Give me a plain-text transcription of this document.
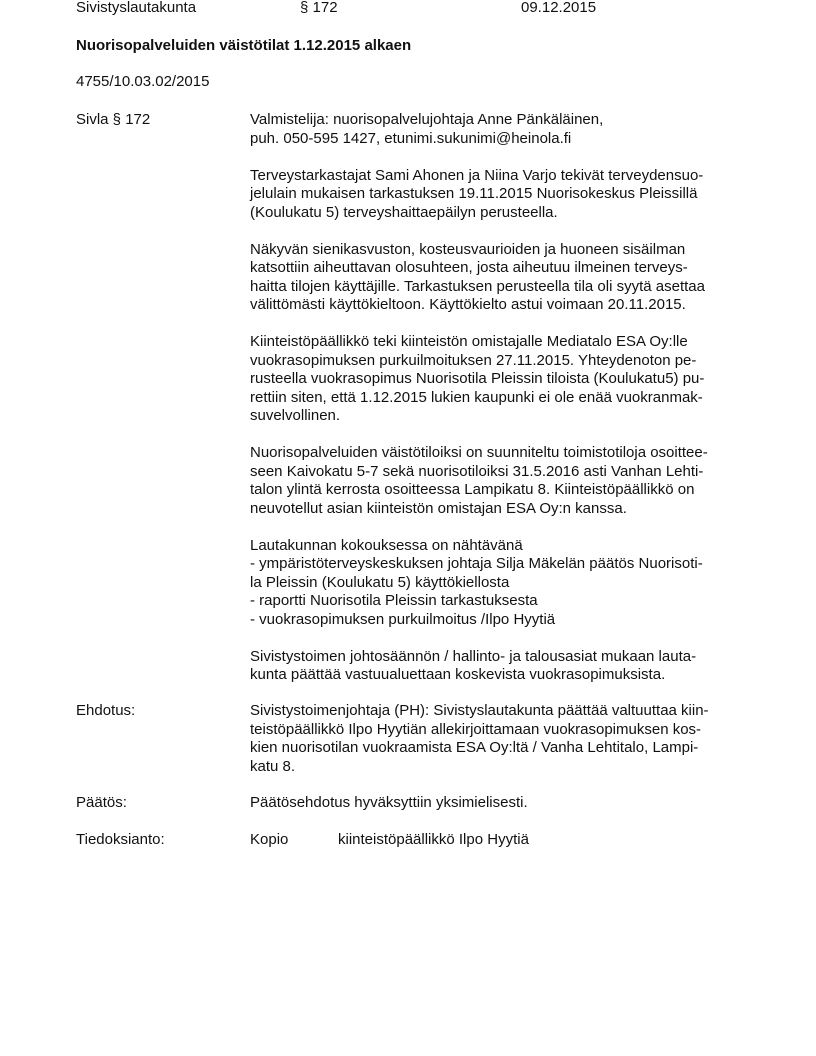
Sivistyslautakunta	§ 172	09.12.2015
Nuorisopalveluiden väistötilat 1.12.2015 alkaen
4755/10.03.02/2015
Sivla § 172	Valmistelija: nuorisopalvelujohtaja Anne Pänkäläinen,
puh. 050-595 1427, etunimi.sukunimi@heinola.fi
Terveystarkastajat Sami Ahonen ja Niina Varjo tekivät terveydensuo-
jelulain mukaisen tarkastuksen 19.11.2015 Nuorisokeskus Pleissillä
(Koulukatu 5) terveyshaittaepäilyn perusteella.
Näkyvän sienikasvuston, kosteusvaurioiden ja huoneen sisäilman
katsottiin aiheuttavan olosuhteen, josta aiheutuu ilmeinen terveys-
haitta tilojen käyttäjille. Tarkastuksen perusteella tila oli syytä asettaa
välittömästi käyttökieltoon. Käyttökielto astui voimaan 20.11.2015.
Kiinteistöpäällikkö teki kiinteistön omistajalle Mediatalo ESA Oy:lle
vuokrasopimuksen purkuilmoituksen 27.11.2015. Yhteydenoton pe-
rusteella vuokrasopimus Nuorisotila Pleissin tiloista (Koulukatu5) pu-
rettiin siten, että 1.12.2015 lukien kaupunki ei ole enää vuokranmak-
suvelvollinen.
Nuorisopalveluiden väistötiloiksi on suunniteltu toimistotiloja osoittee-
seen Kaivokatu 5-7 sekä nuorisotiloiksi 31.5.2016 asti Vanhan Lehti-
talon ylintä kerrosta osoitteessa Lampikatu 8. Kiinteistöpäällikkö on
neuvotellut asian kiinteistön omistajan ESA Oy:n kanssa.
Lautakunnan kokouksessa on nähtävänä
- ympäristöterveyskeskuksen johtaja Silja Mäkelän päätös Nuorisoti-
la Pleissin (Koulukatu 5) käyttökiellosta
- raportti Nuorisotila Pleissin tarkastuksesta
- vuokrasopimuksen purkuilmoitus /Ilpo Hyytiä
Sivistystoimen johtosäännön / hallinto- ja talousasiat mukaan lauta-
kunta päättää vastuualuettaan koskevista vuokrasopimuksista.
Ehdotus:	Sivistystoimenjohtaja (PH): Sivistyslautakunta päättää valtuuttaa kiin-
teistöpäällikkö Ilpo Hyytiän allekirjoittamaan vuokrasopimuksen kos-
kien nuorisotilan vuokraamista ESA Oy:ltä / Vanha Lehtitalo, Lampi-
katu 8.
Päätös:	Päätösehdotus hyväksyttiin yksimielisesti.
Tiedoksianto:	Kopio	kiinteistöpäällikkö Ilpo Hyytiä
